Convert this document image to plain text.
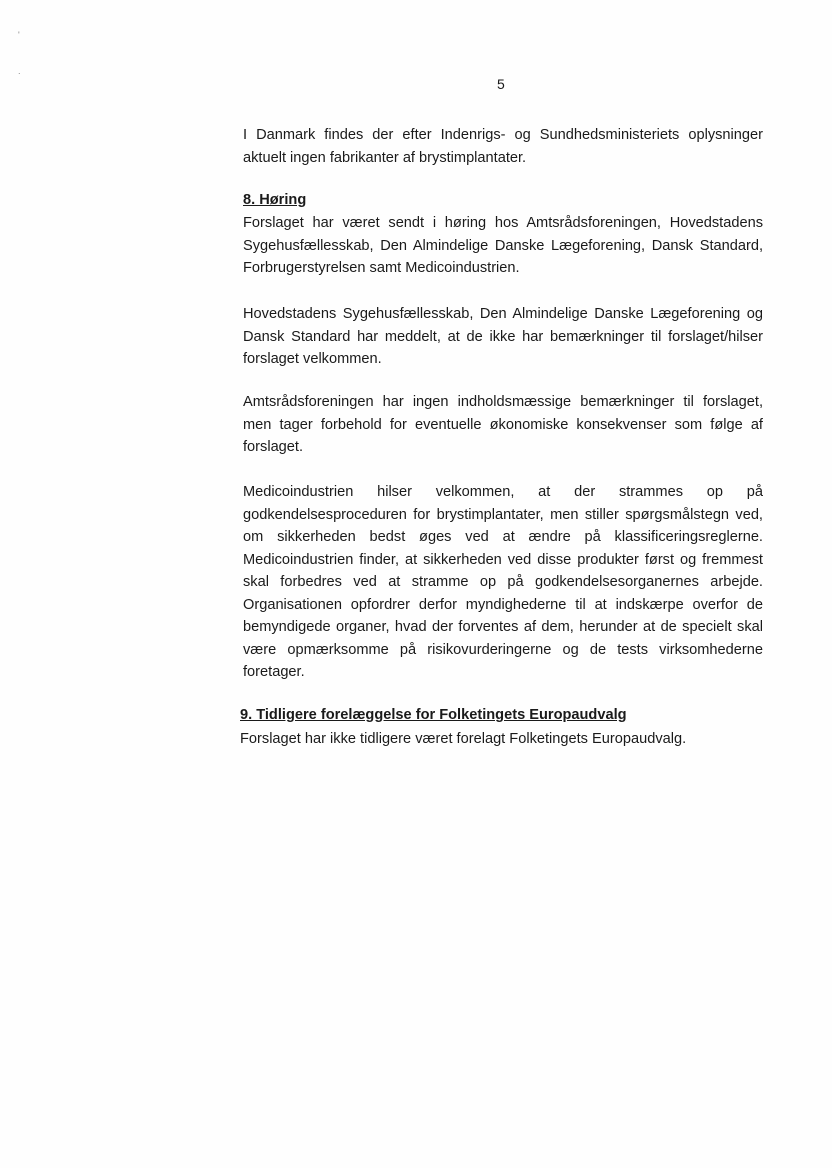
'
.
5

I Danmark findes der efter Indenrigs- og Sundhedsministeriets oplysninger aktuelt ingen fabrikanter af brystimplantater.

8. Høring

Forslaget har været sendt i høring hos Amtsrådsforeningen, Hovedstadens Sygehusfællesskab, Den Almindelige Danske Lægeforening, Dansk Standard, Forbrugerstyrelsen samt Medicoindustrien.

Hovedstadens Sygehusfællesskab, Den Almindelige Danske Lægeforening og Dansk Standard har meddelt, at de ikke har bemærkninger til forslaget/hilser forslaget velkommen.

Amtsrådsforeningen har ingen indholdsmæssige bemærkninger til forslaget, men tager forbehold for eventuelle økonomiske konsekvenser som følge af forslaget.

Medicoindustrien hilser velkommen, at der strammes op på godkendelsesproceduren for brystimplantater, men stiller spørgsmålstegn ved, om sikkerheden bedst øges ved at ændre på klassificeringsreglerne. Medicoindustrien finder, at sikkerheden ved disse produkter først og fremmest skal forbedres ved at stramme op på godkendelsesorganernes arbejde. Organisationen opfordrer derfor myndighederne til at indskærpe overfor de bemyndigede organer, hvad der forventes af dem, herunder at de specielt skal være opmærksomme på risikovurderingerne og de tests virksomhederne foretager.

9. Tidligere forelæggelse for Folketingets Europaudvalg

Forslaget har ikke tidligere været forelagt Folketingets Europaudvalg.
